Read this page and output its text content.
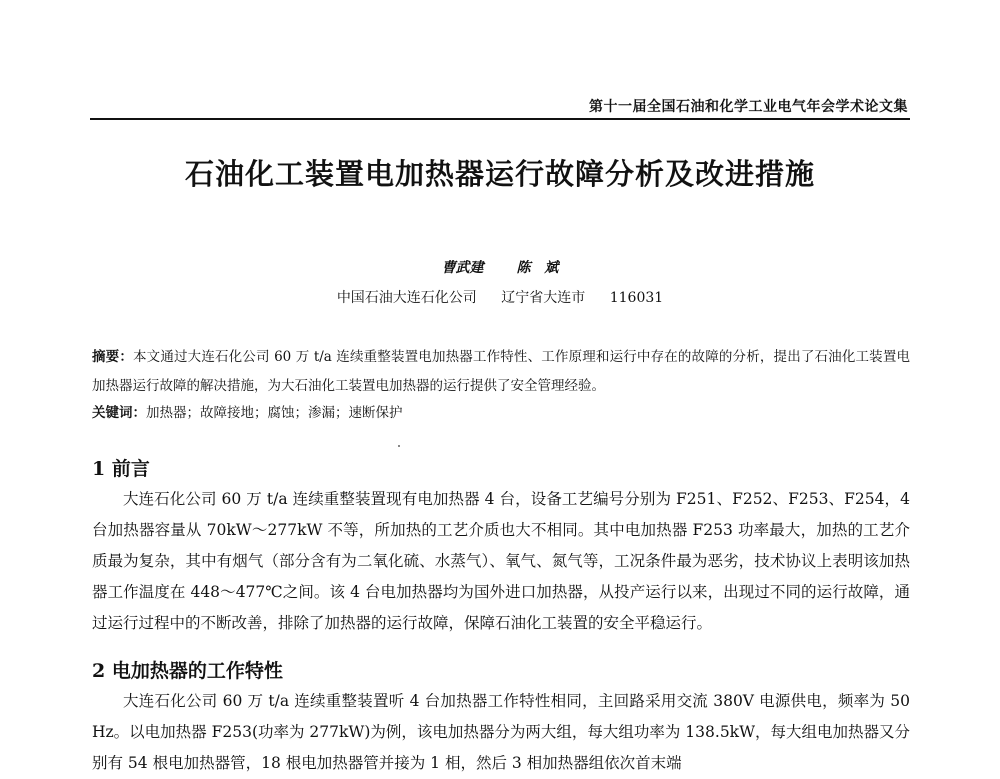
第十一届全国石油和化学工业电气年会学术论文集
石油化工装置电加热器运行故障分析及改进措施
曹武建 陈　斌
中国石油大连石化公司 辽宁省大连市 116031
摘要：本文通过大连石化公司 60 万 t/a 连续重整装置电加热器工作特性、工作原理和运行中存在的故障的分析，提出了石油化工装置电加热器运行故障的解决措施，为大石油化工装置电加热器的运行提供了安全管理经验。
关键词：加热器；故障接地；腐蚀；渗漏；速断保护
1 前言
大连石化公司 60 万 t/a 连续重整装置现有电加热器 4 台，设备工艺编号分别为 F251、F252、F253、F254，4 台加热器容量从 70kW～277kW 不等，所加热的工艺介质也大不相同。其中电加热器 F253 功率最大，加热的工艺介质最为复杂，其中有烟气（部分含有为二氧化硫、水蒸气）、氧气、氮气等，工况条件最为恶劣，技术协议上表明该加热器工作温度在 448～477℃之间。该 4 台电加热器均为国外进口加热器，从投产运行以来，出现过不同的运行故障，通过运行过程中的不断改善，排除了加热器的运行故障，保障石油化工装置的安全平稳运行。
2 电加热器的工作特性
大连石化公司 60 万 t/a 连续重整装置听 4 台加热器工作特性相同，主回路采用交流 380V 电源供电，频率为 50 Hz。以电加热器 F253(功率为 277kW)为例，该电加热器分为两大组，每大组功率为 138.5kW，每大组电加热器又分别有 54 根电加热器管，18 根电加热器管并接为 1 相，然后 3 相加热器组依次首末端
